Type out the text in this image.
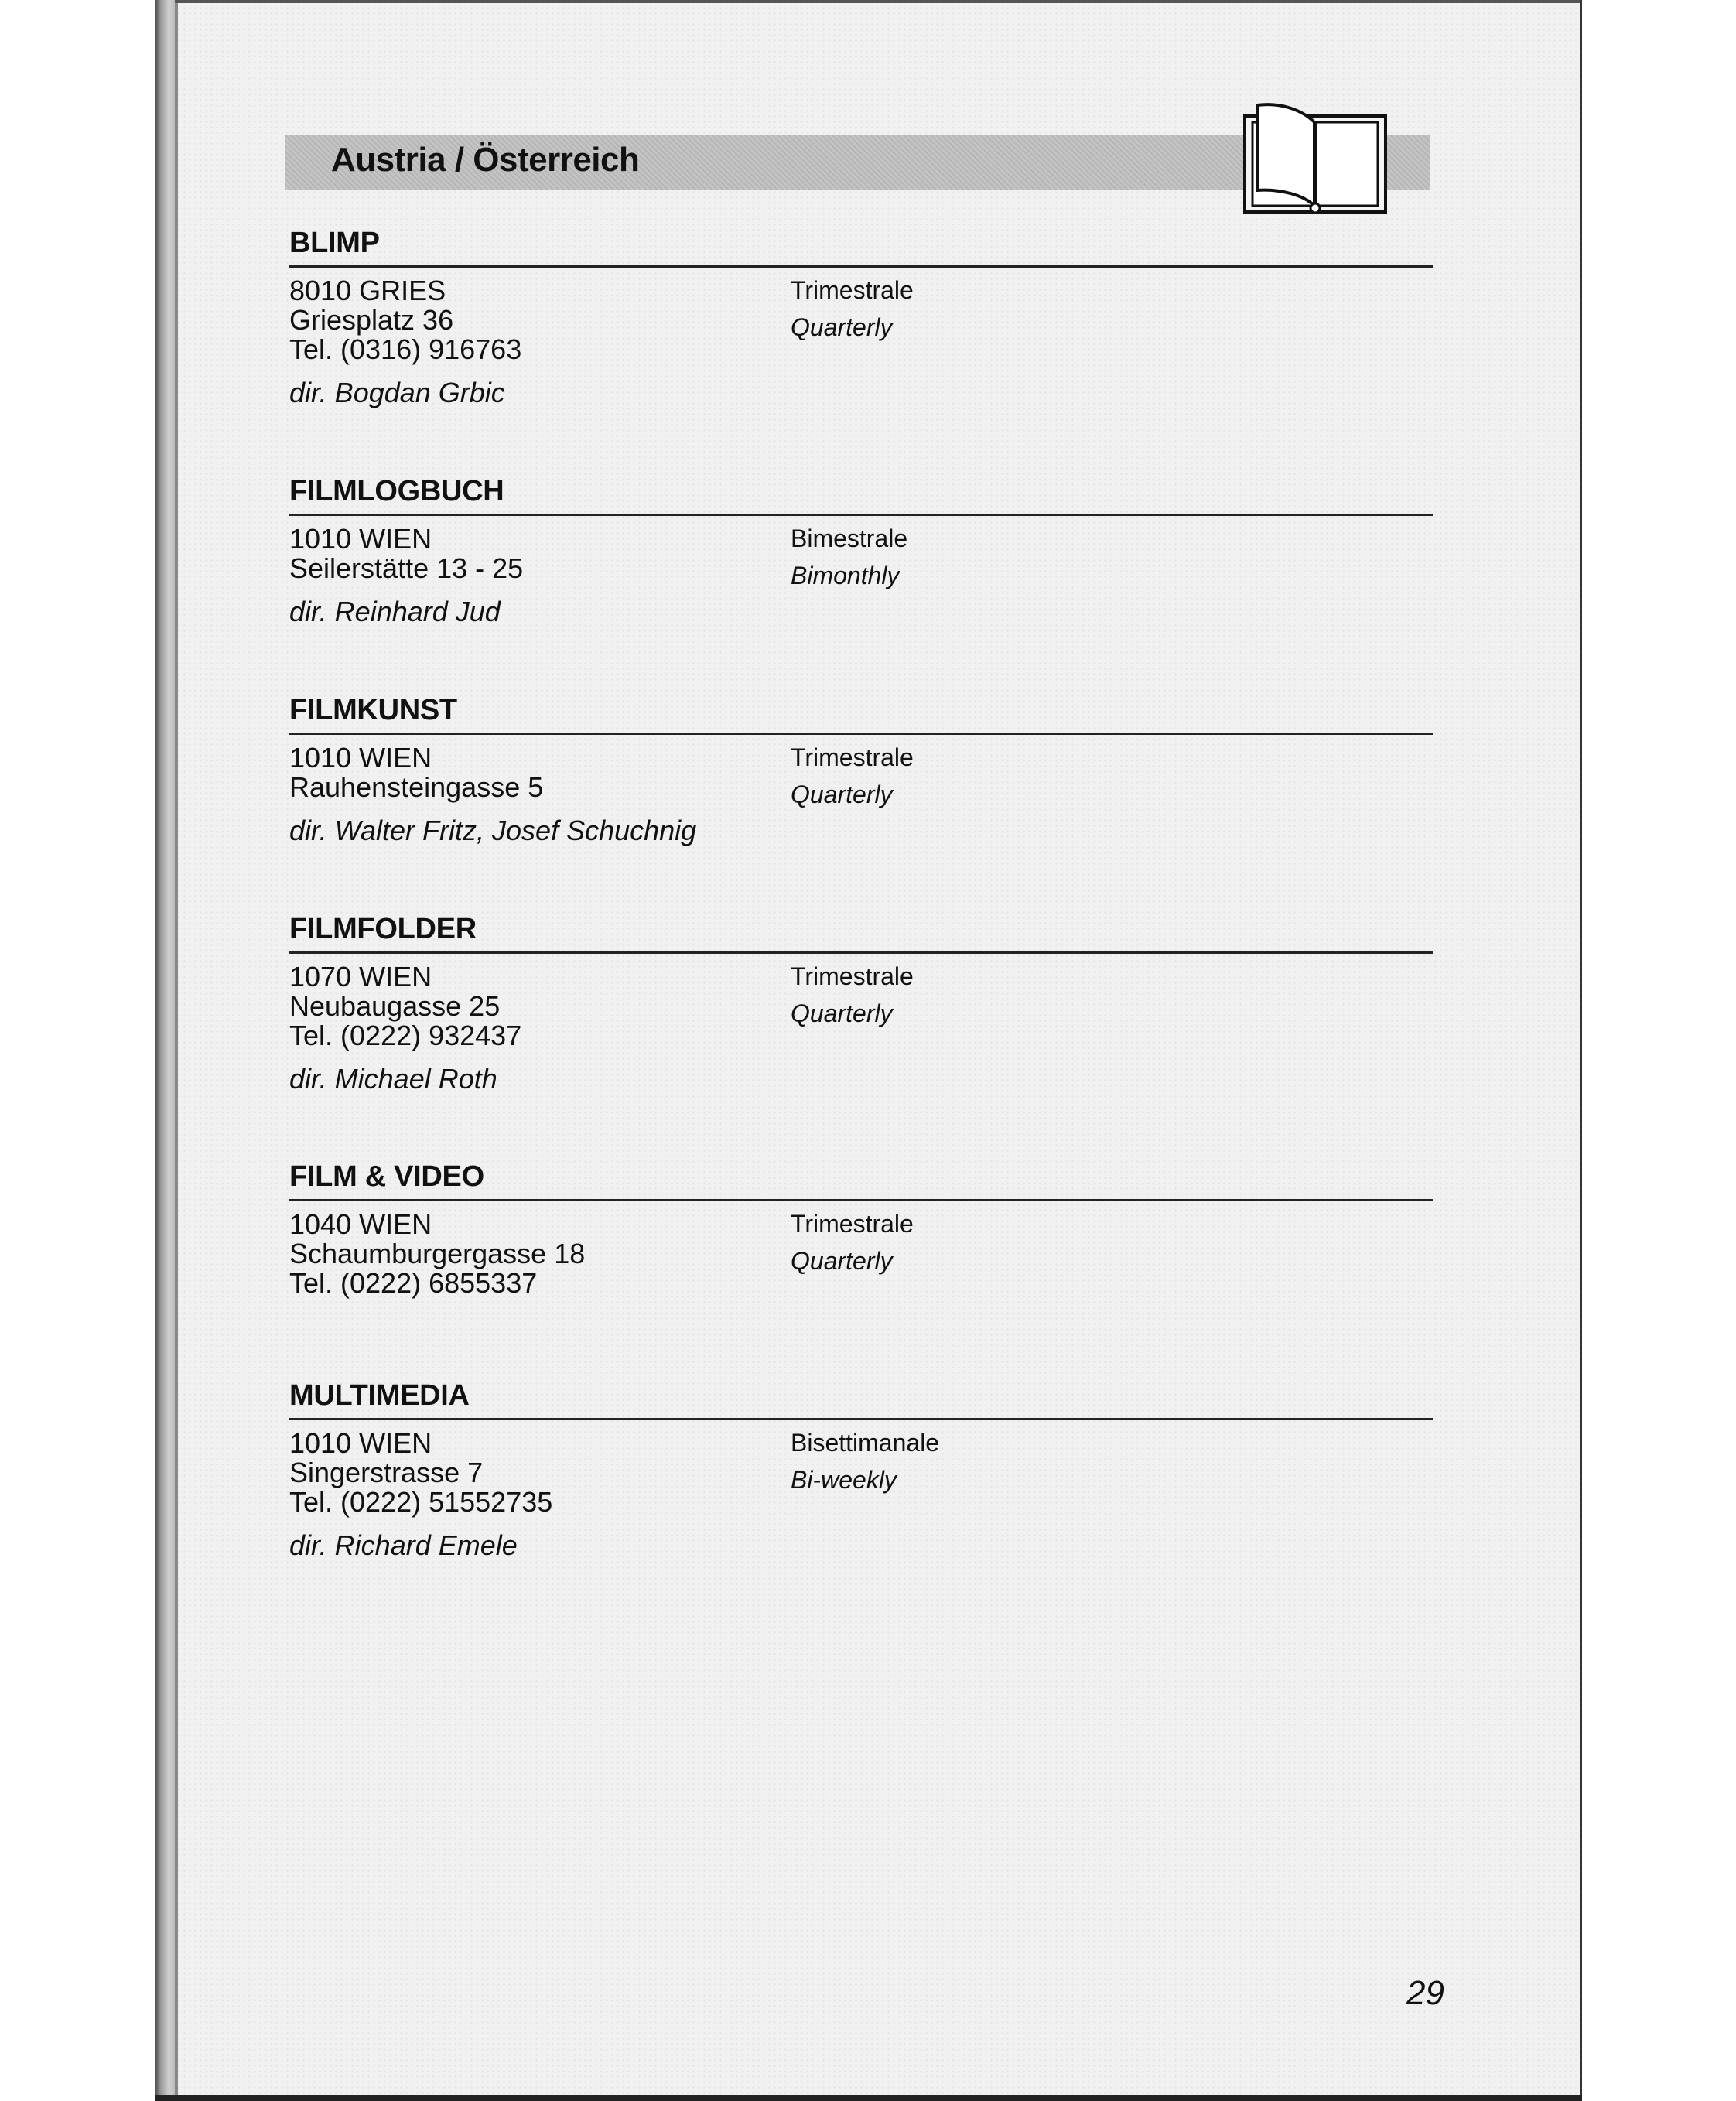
Austria / Österreich
BLIMP
8010 GRIES
Griesplatz 36
Tel. (0316) 916763
dir. Bogdan Grbic
Trimestrale
Quarterly
FILMLOGBUCH
1010 WIEN
Seilerstätte 13 - 25
dir. Reinhard Jud
Bimestrale
Bimonthly
FILMKUNST
1010 WIEN
Rauhensteingasse 5
dir. Walter Fritz, Josef Schuchnig
Trimestrale
Quarterly
FILMFOLDER
1070 WIEN
Neubaugasse 25
Tel. (0222) 932437
dir. Michael Roth
Trimestrale
Quarterly
FILM & VIDEO
1040 WIEN
Schaumburgergasse 18
Tel. (0222) 6855337
Trimestrale
Quarterly
MULTIMEDIA
1010 WIEN
Singerstrasse 7
Tel. (0222) 51552735
dir. Richard Emele
Bisettimanale
Bi-weekly
29
